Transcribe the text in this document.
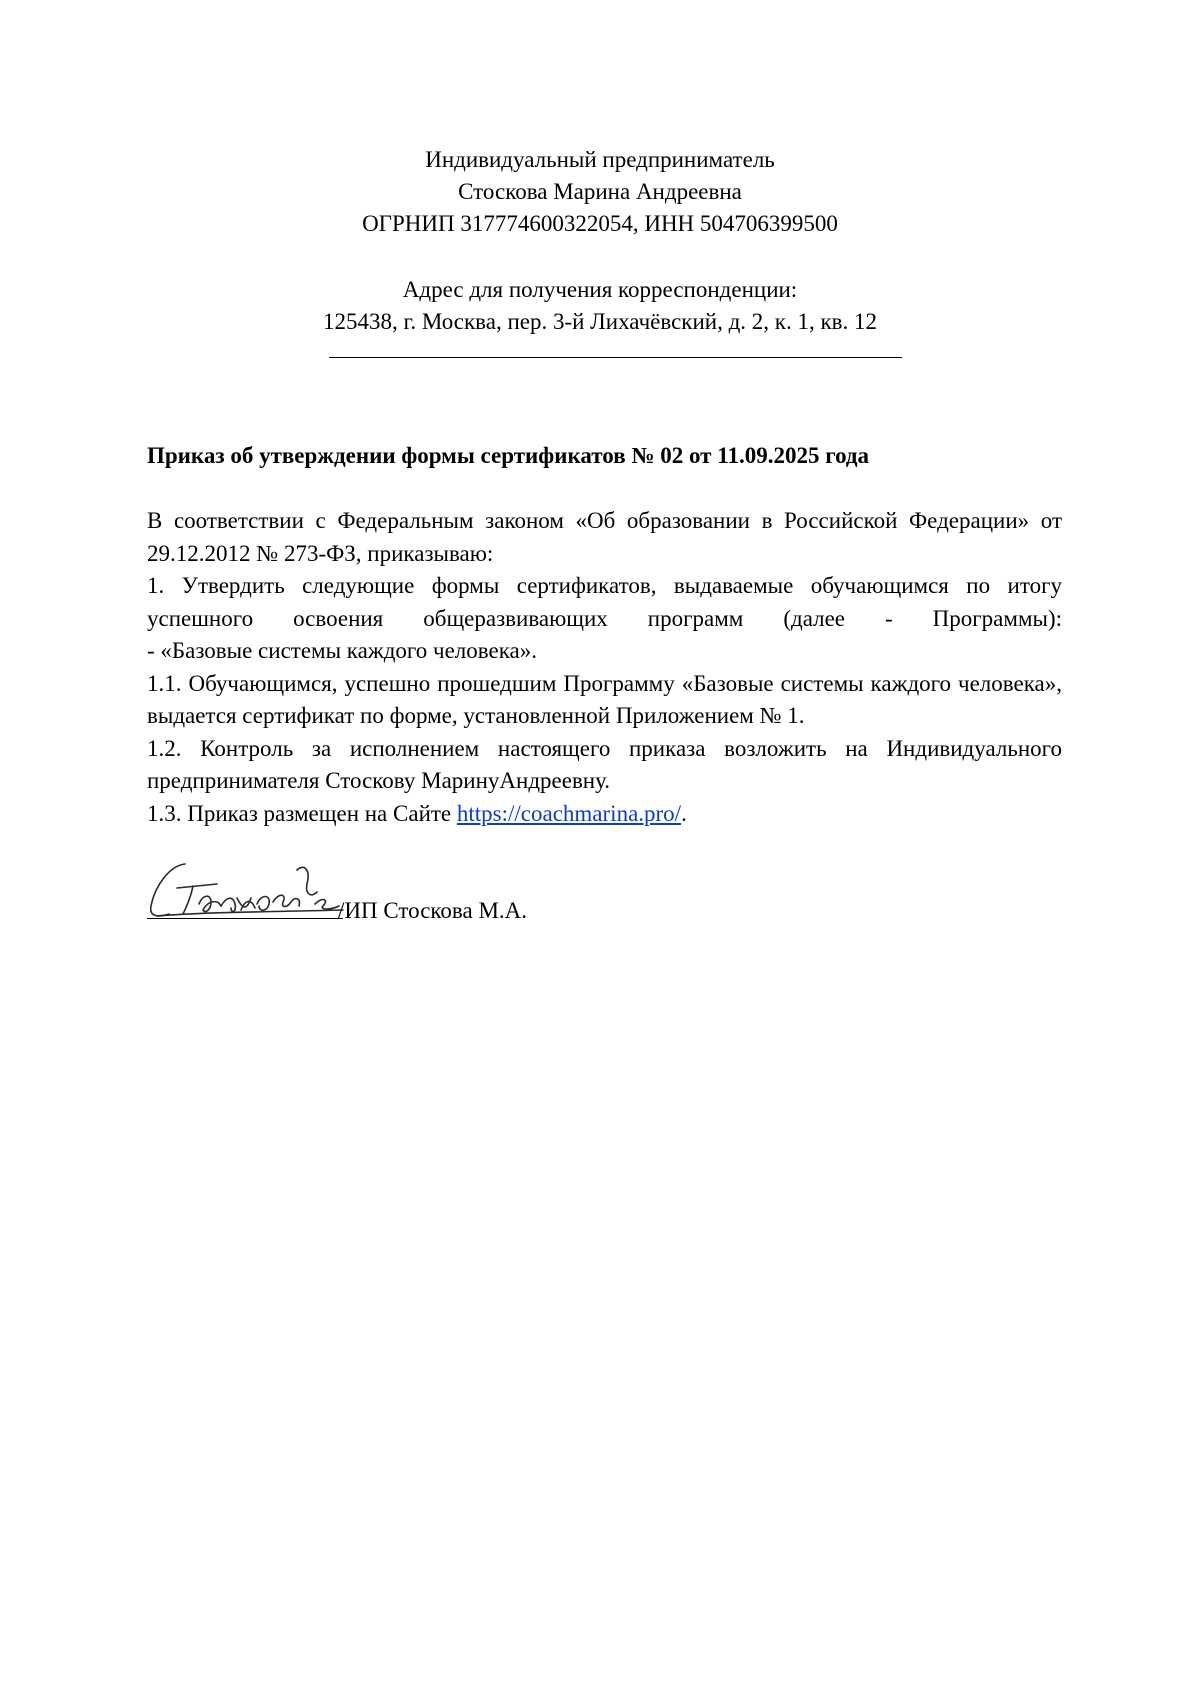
Индивидуальный предприниматель

Стоскова Марина Андреевна

ОГРНИП 317774600322054, ИНН 504706399500

Адрес для получения корреспонденции:

125438, г. Москва, пер. 3-й Лихачёвский, д. 2, к. 1, кв. 12

Приказ об утверждении формы сертификатов № 02 от 11.09.2025 года

В соответствии с Федеральным законом «Об образовании в Российской Федерации» от 29.12.2012 № 273-ФЗ, приказываю:

1. Утвердить следующие формы сертификатов, выдаваемые обучающимся по итогу успешного освоения общеразвивающих программ (далее - Программы):

- «Базовые системы каждого человека».

1.1. Обучающимся, успешно прошедшим Программу «Базовые системы каждого человека», выдается сертификат по форме, установленной Приложением № 1.

1.2. Контроль за исполнением настоящего приказа возложить на Индивидуального предпринимателя Стоскову МаринуАндреевну.

1.3. Приказ размещен на Сайте https://coachmarina.pro/.

/ИП Стоскова М.А.
